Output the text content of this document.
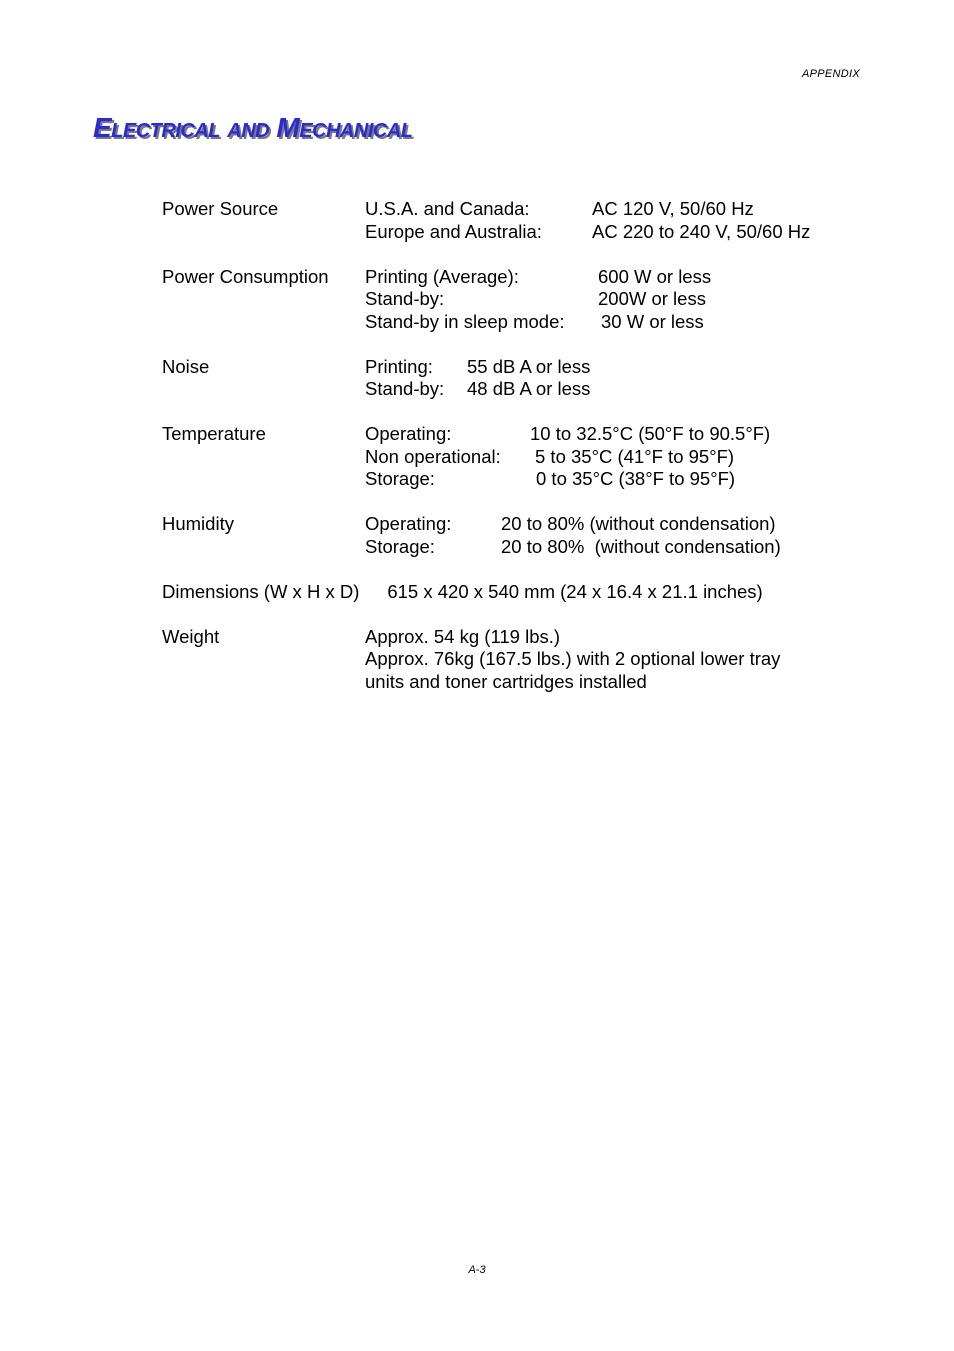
APPENDIX
Electrical and Mechanical
Power Source	U.S.A. and Canada:	AC 120 V, 50/60 Hz
Europe and Australia:	AC 220 to 240 V, 50/60 Hz
Power Consumption Printing (Average):	600 W or less
Stand-by:	200W or less
Stand-by in sleep mode: 30 W or less
Noise	Printing: 55 dB A or less
Stand-by: 48 dB A or less
Temperature	Operating:	10 to 32.5°C (50°F to 90.5°F)
Non operational: 5 to 35°C (41°F to 95°F)
Storage:	0 to 35°C (38°F to 95°F)
Humidity	Operating:	20 to 80% (without condensation)
Storage:	20 to 80%  (without condensation)
Dimensions (W x H x D) 615 x 420 x 540 mm (24 x 16.4 x 21.1 inches)
Weight	Approx. 54 kg (119 lbs.)
Approx. 76kg (167.5 lbs.) with 2 optional lower tray
units and toner cartridges installed
A-3
